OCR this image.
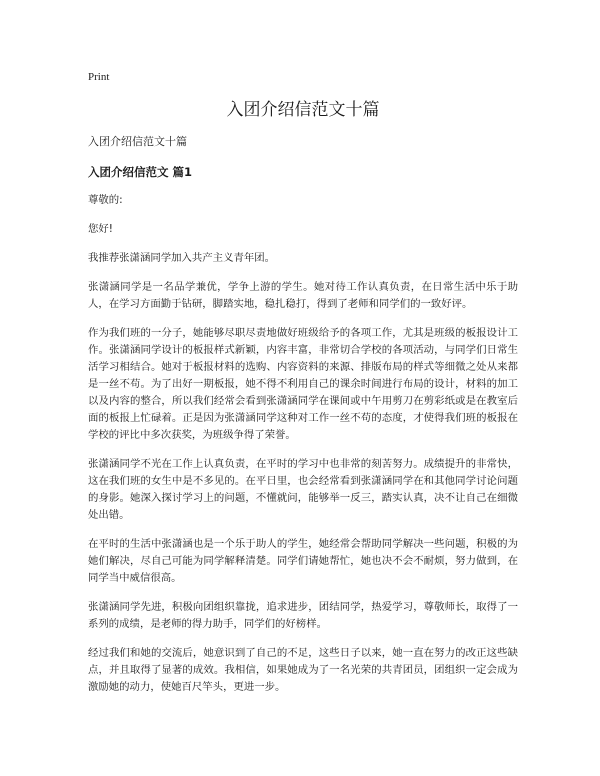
Print
入团介绍信范文十篇
入团介绍信范文十篇
入团介绍信范文 篇1

尊敬的:

您好!

我推荐张潇涵同学加入共产主义青年团。

张潇涵同学是一名品学兼优，学争上游的学生。她对待工作认真负责，在日常生活中乐于助人，在学习方面勤于钻研，脚踏实地，稳扎稳打，得到了老师和同学们的一致好评。

作为我们班的一分子，她能够尽职尽责地做好班级给予的各项工作，尤其是班级的板报设计工作。张潇涵同学设计的板报样式新颖，内容丰富，非常切合学校的各项活动，与同学们日常生活学习相结合。她对于板报材料的选购、内容资料的来源、排版布局的样式等细微之处从来都是一丝不苟。为了出好一期板报，她不得不利用自己的课余时间进行布局的设计，材料的加工以及内容的整合，所以我们经常会看到张潇涵同学在课间或中午用剪刀在剪彩纸或是在教室后面的板报上忙碌着。正是因为张潇涵同学这种对工作一丝不苟的态度，才使得我们班的板报在学校的评比中多次获奖，为班级争得了荣誉。

张潇涵同学不光在工作上认真负责，在平时的学习中也非常的刻苦努力。成绩提升的非常快，这在我们班的女生中是不多见的。在平日里，也会经常看到张潇涵同学在和其他同学讨论问题的身影。她深入探讨学习上的问题，不懂就问，能够举一反三，踏实认真，决不让自己在细微处出错。

在平时的生活中张潇涵也是一个乐于助人的学生，她经常会帮助同学解决一些问题，积极的为她们解决，尽自己可能为同学解释清楚。同学们请她帮忙，她也决不会不耐烦，努力做到，在同学当中威信很高。

张潇涵同学先进，积极向团组织靠拢，追求进步，团结同学，热爱学习，尊敬师长，取得了一系列的成绩，是老师的得力助手，同学们的好榜样。

经过我们和她的交流后，她意识到了自己的不足，这些日子以来，她一直在努力的改正这些缺点，并且取得了显著的成效。我相信，如果她成为了一名光荣的共青团员，团组织一定会成为激励她的动力，使她百尺竿头，更进一步。
